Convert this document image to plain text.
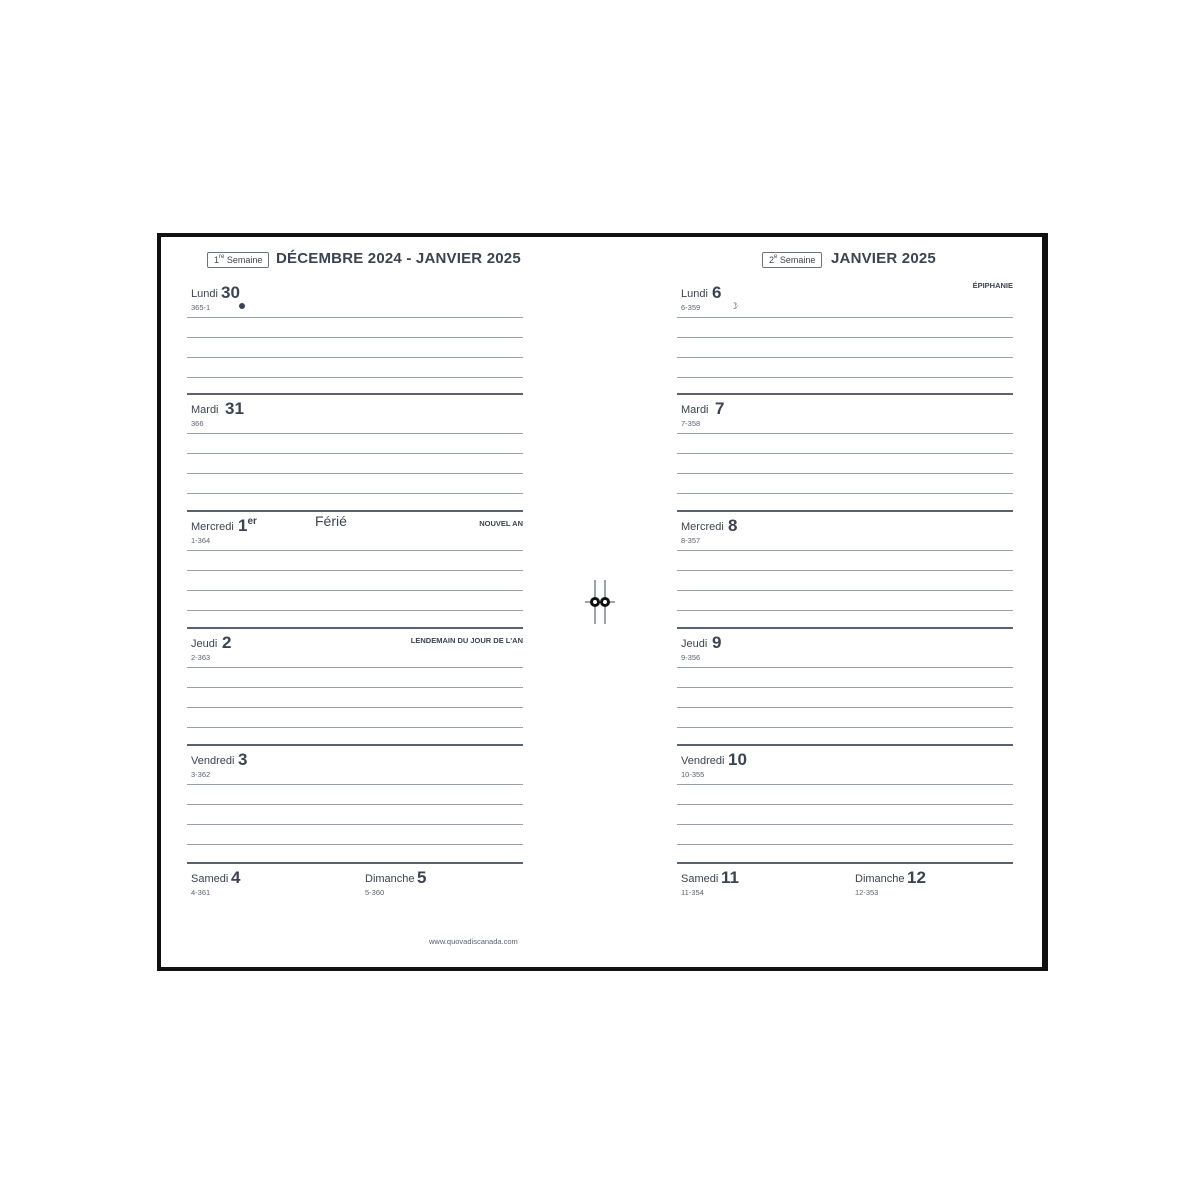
1re Semaine DÉCEMBRE 2024 - JANVIER 2025
Lundi 30
365-1
Mardi 31
366
Mercredi 1er	Férié	NOUVEL AN
1-364
Jeudi 2	LENDEMAIN DU JOUR DE L'AN
2-363
Vendredi 3
3-362
Samedi 4
4-361
Dimanche 5
5-360
www.quovadiscanada.com
2e Semaine	JANVIER 2025
Lundi 6	ÉPIPHANIE
6-359	☽
Mardi 7
7-358
Mercredi 8
8-357
Jeudi 9
9-356
Vendredi 10
10-355
Samedi 11
11-354
Dimanche 12
12-353
